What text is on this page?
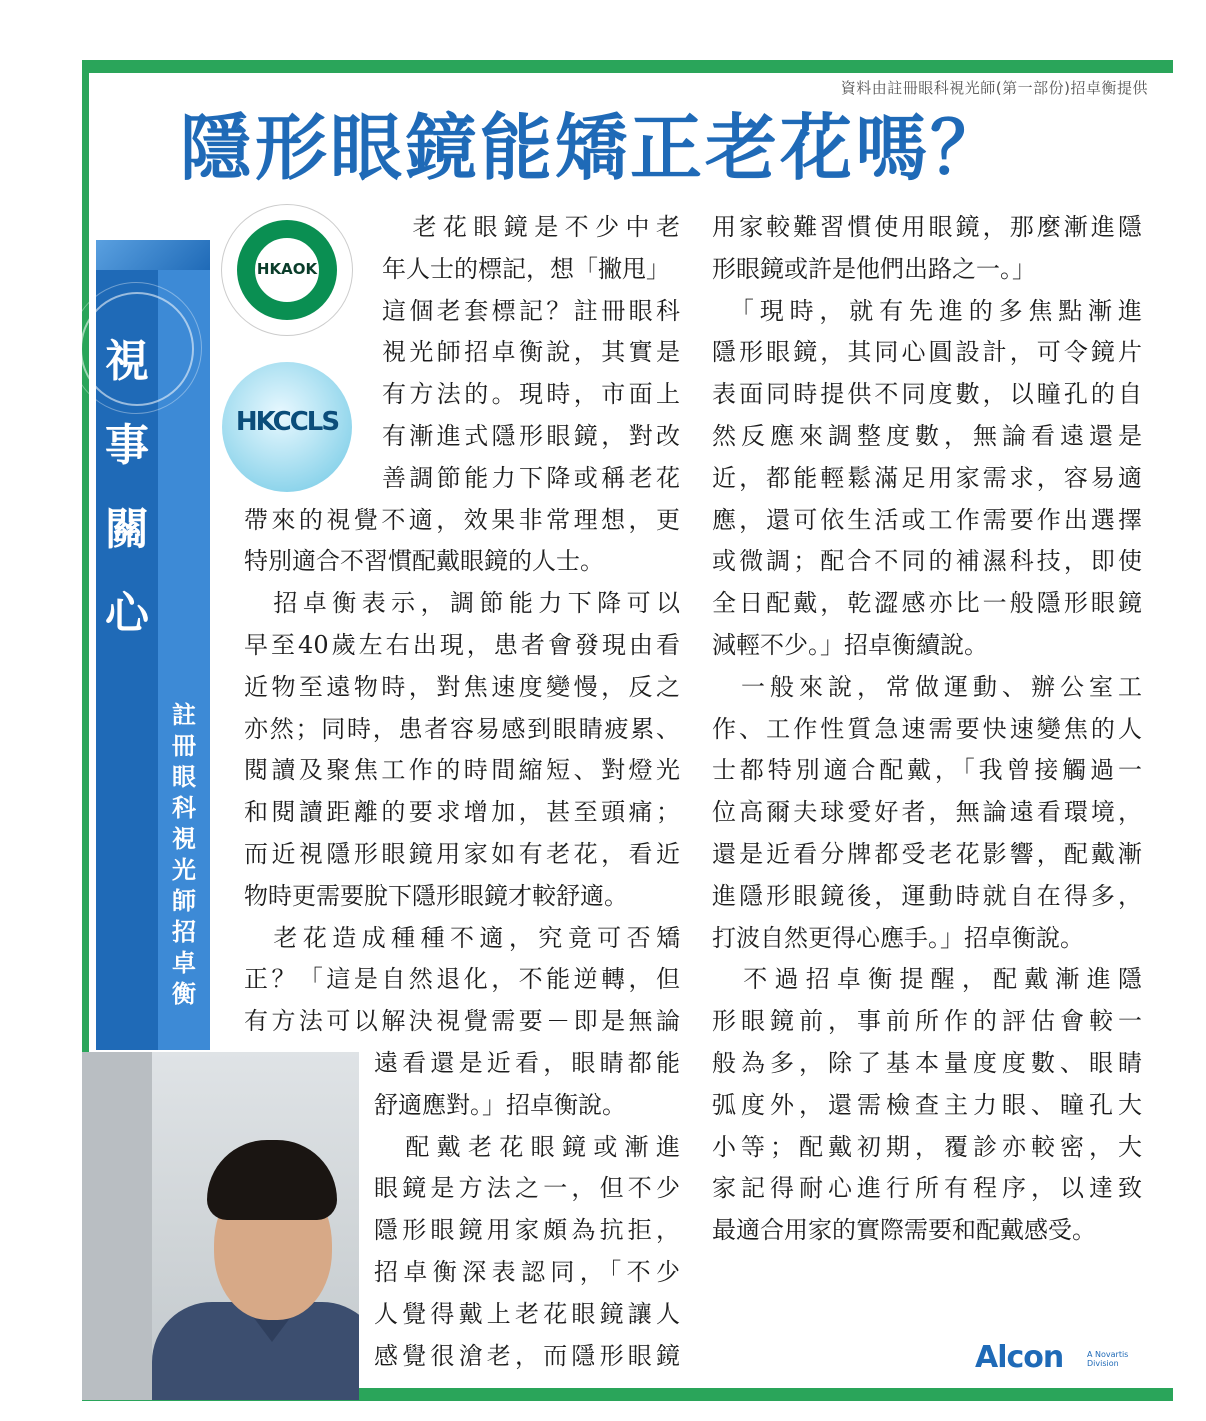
資料由註冊眼科視光師(第一部份)招卓衡提供
隱形眼鏡能矯正老花嗎？
視
事
關
心
註
冊
眼
科
視
光
師
招
卓
衡
HKAOK
HKCCLS
　老花眼鏡是不少中老
年人士的標記，想「撇甩」
這個老套標記？註冊眼科
視光師招卓衡說，其實是
有方法的。現時，市面上
有漸進式隱形眼鏡，對改
善調節能力下降或稱老花
帶來的視覺不適，效果非常理想，更
特別適合不習慣配戴眼鏡的人士。
　招卓衡表示，調節能力下降可以
早至40歲左右出現，患者會發現由看
近物至遠物時，對焦速度變慢，反之
亦然；同時，患者容易感到眼睛疲累、
閱讀及聚焦工作的時間縮短、對燈光
和閱讀距離的要求增加，甚至頭痛；
而近視隱形眼鏡用家如有老花，看近
物時更需要脫下隱形眼鏡才較舒適。
　老花造成種種不適，究竟可否矯
正？「這是自然退化，不能逆轉，但
有方法可以解決視覺需要－即是無論
遠看還是近看，眼睛都能
舒適應對。」招卓衡說。
　配戴老花眼鏡或漸進
眼鏡是方法之一，但不少
隱形眼鏡用家頗為抗拒，
招卓衡深表認同，「不少
人覺得戴上老花眼鏡讓人
感覺很滄老，而隱形眼鏡
用家較難習慣使用眼鏡，那麼漸進隱
形眼鏡或許是他們出路之一。」
　「現時，就有先進的多焦點漸進
隱形眼鏡，其同心圓設計，可令鏡片
表面同時提供不同度數，以瞳孔的自
然反應來調整度數，無論看遠還是
近，都能輕鬆滿足用家需求，容易適
應，還可依生活或工作需要作出選擇
或微調；配合不同的補濕科技，即使
全日配戴，乾澀感亦比一般隱形眼鏡
減輕不少。」招卓衡續說。
　一般來說，常做運動、辦公室工
作、工作性質急速需要快速變焦的人
士都特別適合配戴，「我曾接觸過一
位高爾夫球愛好者，無論遠看環境，
還是近看分牌都受老花影響，配戴漸
進隱形眼鏡後，運動時就自在得多，
打波自然更得心應手。」招卓衡說。
　不過招卓衡提醒，配戴漸進隱
形眼鏡前，事前所作的評估會較一
般為多，除了基本量度度數、眼睛
弧度外，還需檢查主力眼、瞳孔大
小等；配戴初期，覆診亦較密，大
家記得耐心進行所有程序，以達致
最適合用家的實際需要和配戴感受。
Alcon	A Novartis
Division
